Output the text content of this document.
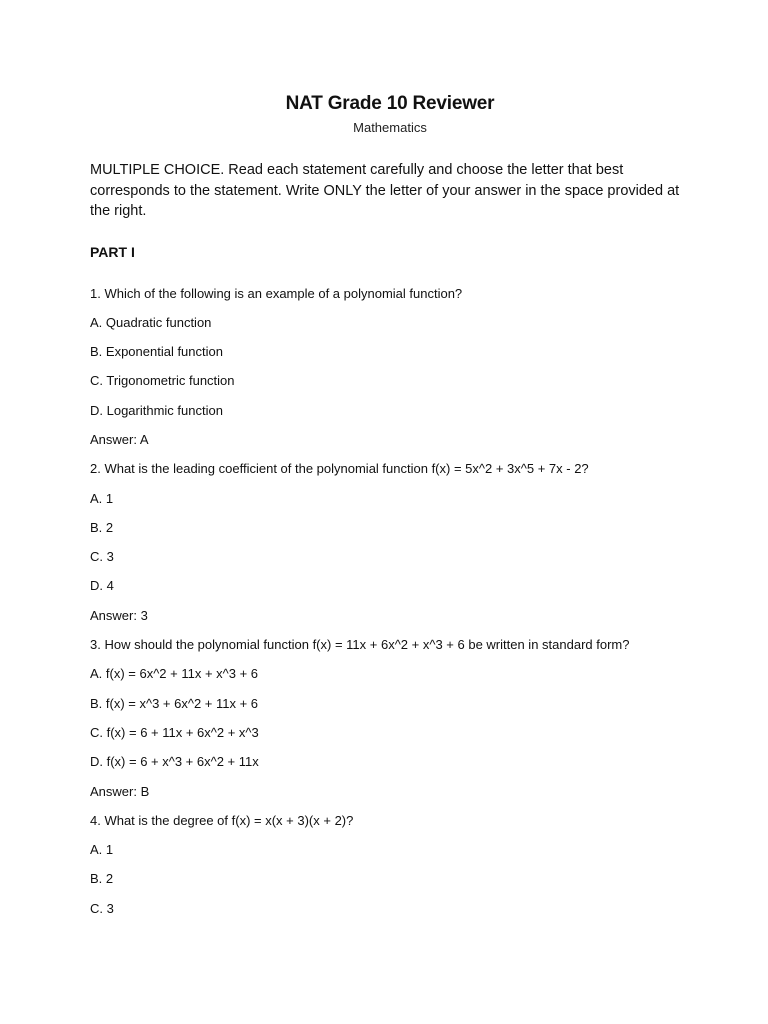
NAT Grade 10 Reviewer

Mathematics

MULTIPLE CHOICE. Read each statement carefully and choose the letter that best corresponds to the statement. Write ONLY the letter of your answer in the space provided at the right.

PART I

1. Which of the following is an example of a polynomial function?
A. Quadratic function
B. Exponential function
C. Trigonometric function
D. Logarithmic function
Answer: A
2. What is the leading coefficient of the polynomial function f(x) = 5x^2 + 3x^5 + 7x - 2?
A. 1
B. 2
C. 3
D. 4
Answer: 3
3. How should the polynomial function f(x) = 11x + 6x^2 + x^3 + 6 be written in standard form?
A. f(x) = 6x^2 + 11x + x^3 + 6
B. f(x) = x^3 + 6x^2 + 11x + 6
C. f(x) = 6 + 11x + 6x^2 + x^3
D. f(x) = 6 + x^3 + 6x^2 + 11x
Answer: B
4. What is the degree of f(x) = x(x + 3)(x + 2)?
A. 1
B. 2
C. 3
